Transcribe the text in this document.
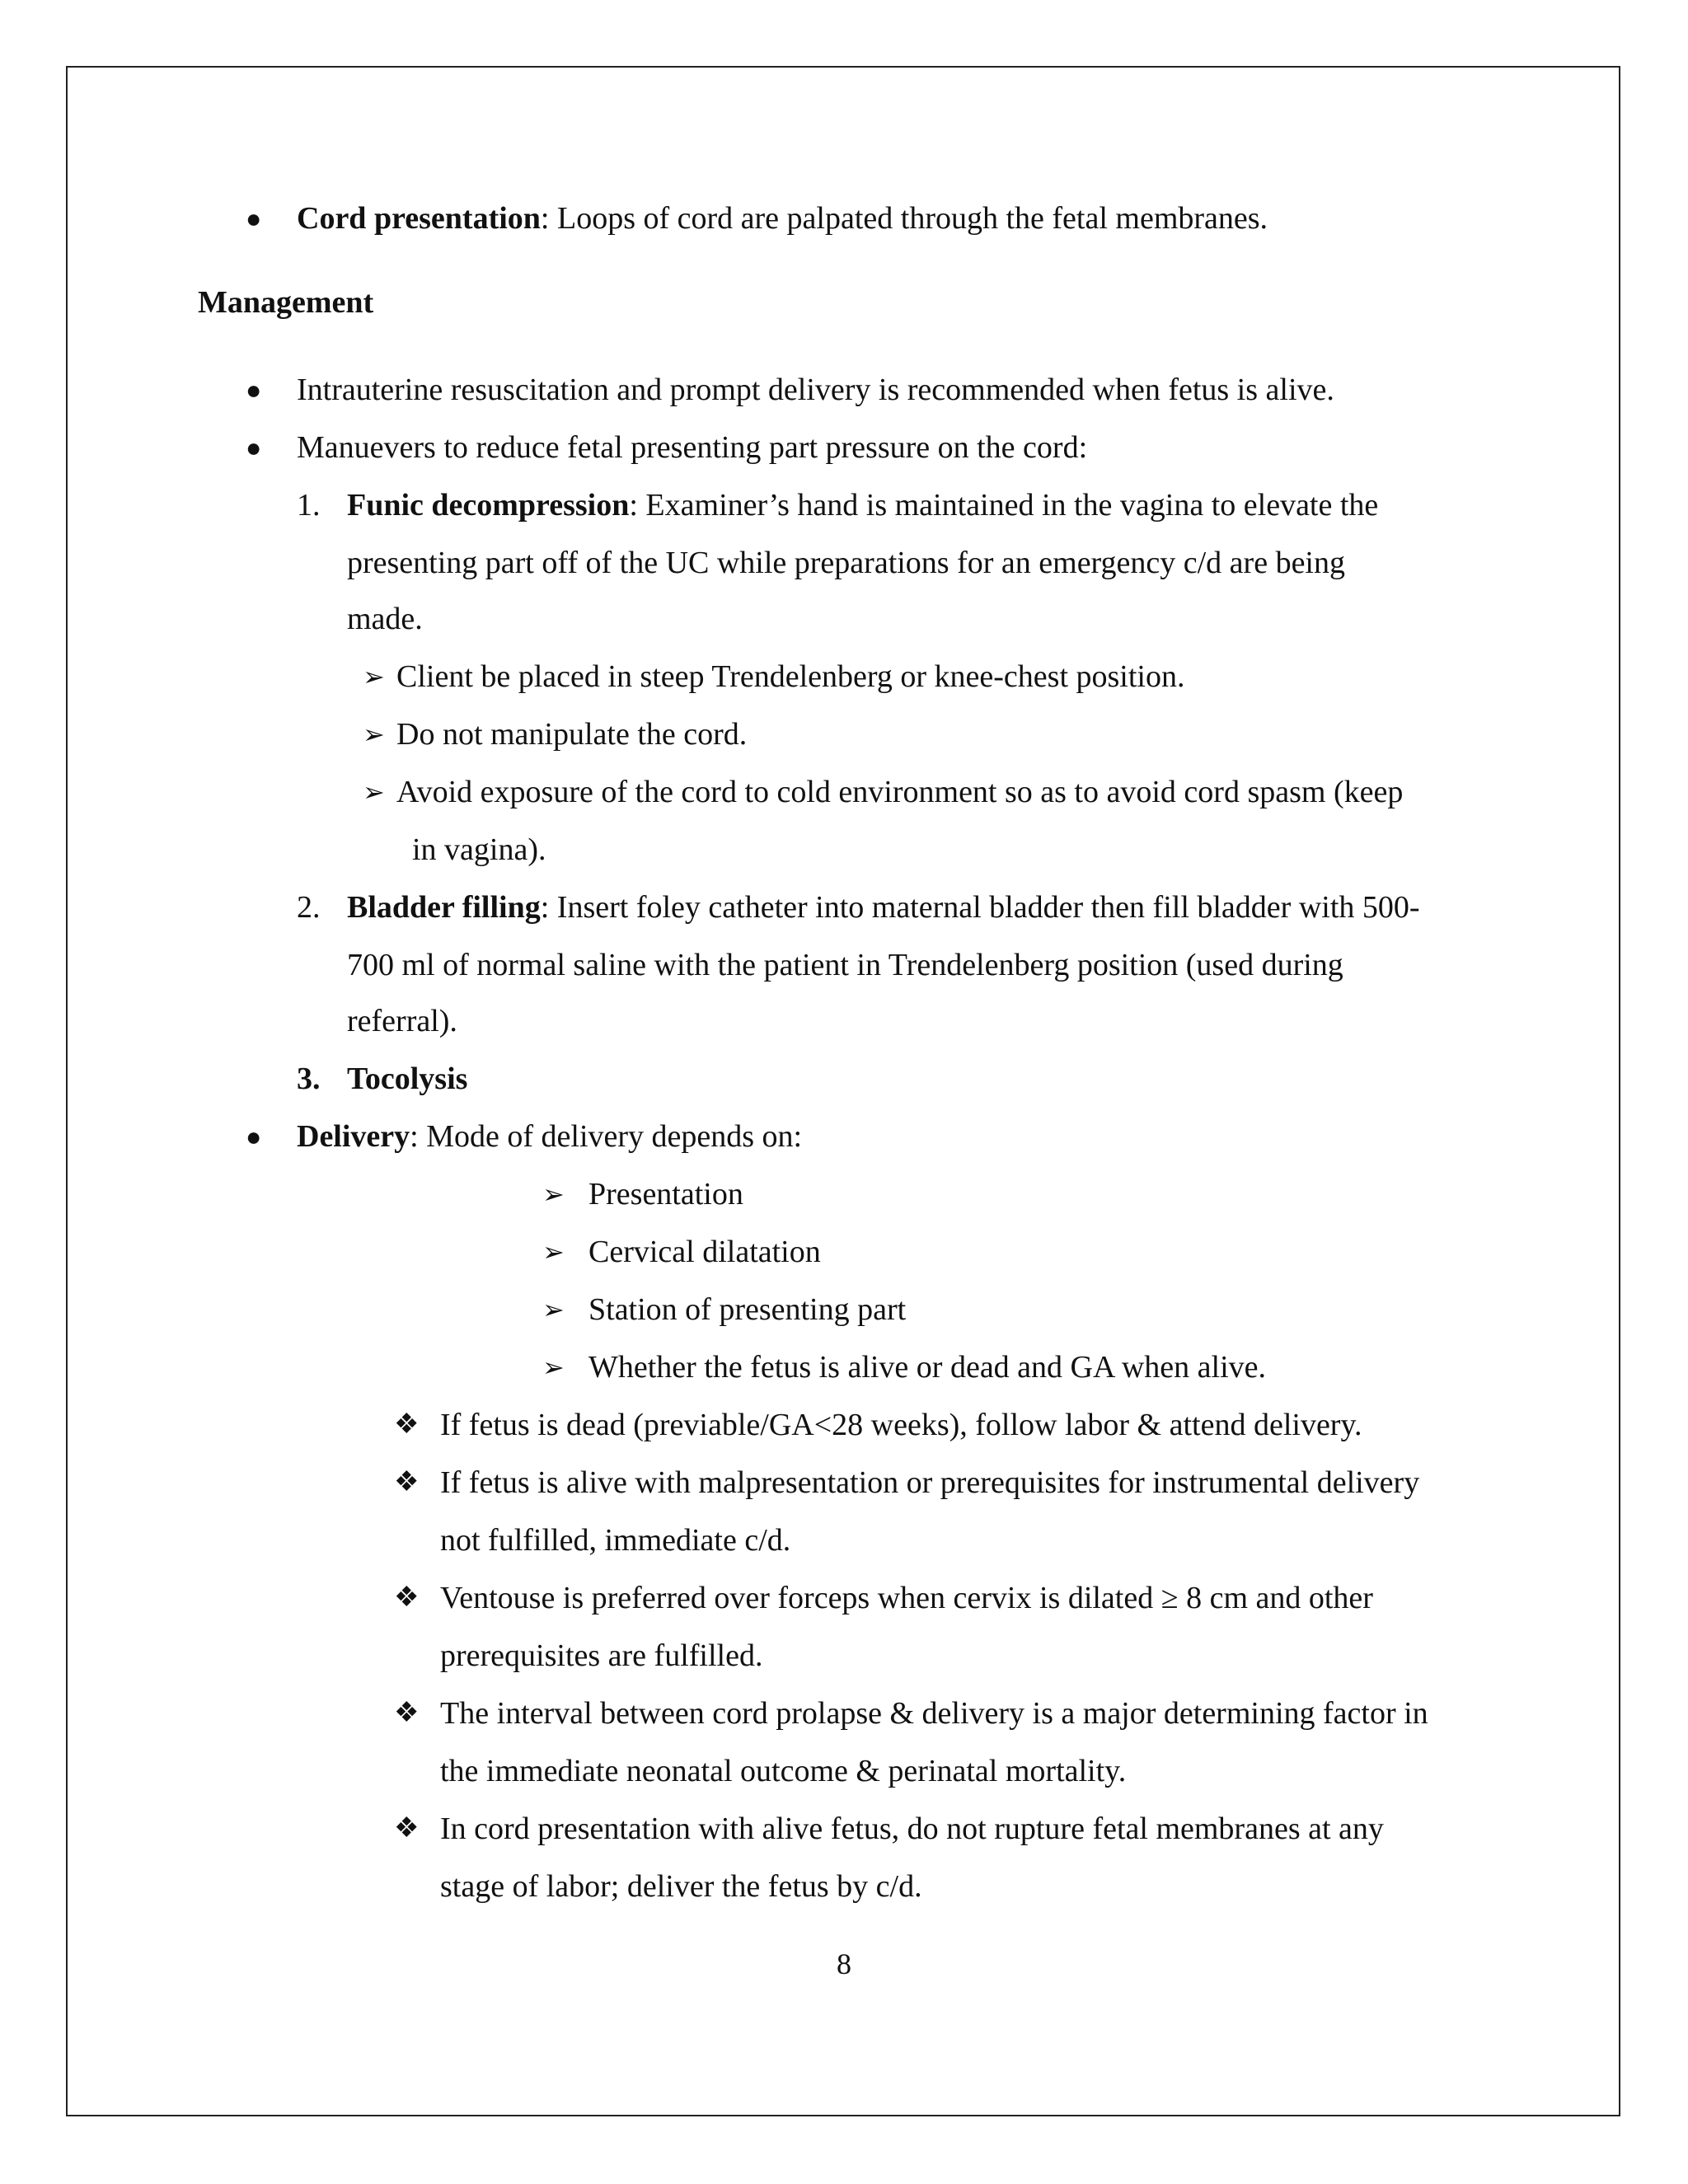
● Cord presentation: Loops of cord are palpated through the fetal membranes.
Management
● Intrauterine resuscitation and prompt delivery is recommended when fetus is alive.
● Manuevers to reduce fetal presenting part pressure on the cord:
1. Funic decompression: Examiner’s hand is maintained in the vagina to elevate the
presenting part off of the UC while preparations for an emergency c/d are being
made.
➢ Client be placed in steep Trendelenberg or knee-chest position.
➢ Do not manipulate the cord.
➢ Avoid exposure of the cord to cold environment so as to avoid cord spasm (keep
in vagina).
2. Bladder filling: Insert foley catheter into maternal bladder then fill bladder with 500-
700 ml of normal saline with the patient in Trendelenberg position (used during
referral).
3. Tocolysis
● Delivery: Mode of delivery depends on:
➢ Presentation
➢ Cervical dilatation
➢ Station of presenting part
➢ Whether the fetus is alive or dead and GA when alive.
❖ If fetus is dead (previable/GA<28 weeks), follow labor & attend delivery.
❖ If fetus is alive with malpresentation or prerequisites for instrumental delivery
not fulfilled, immediate c/d.
❖ Ventouse is preferred over forceps when cervix is dilated ≥ 8 cm and other
prerequisites are fulfilled.
❖ The interval between cord prolapse & delivery is a major determining factor in
the immediate neonatal outcome & perinatal mortality.
❖ In cord presentation with alive fetus, do not rupture fetal membranes at any
stage of labor; deliver the fetus by c/d.
8
